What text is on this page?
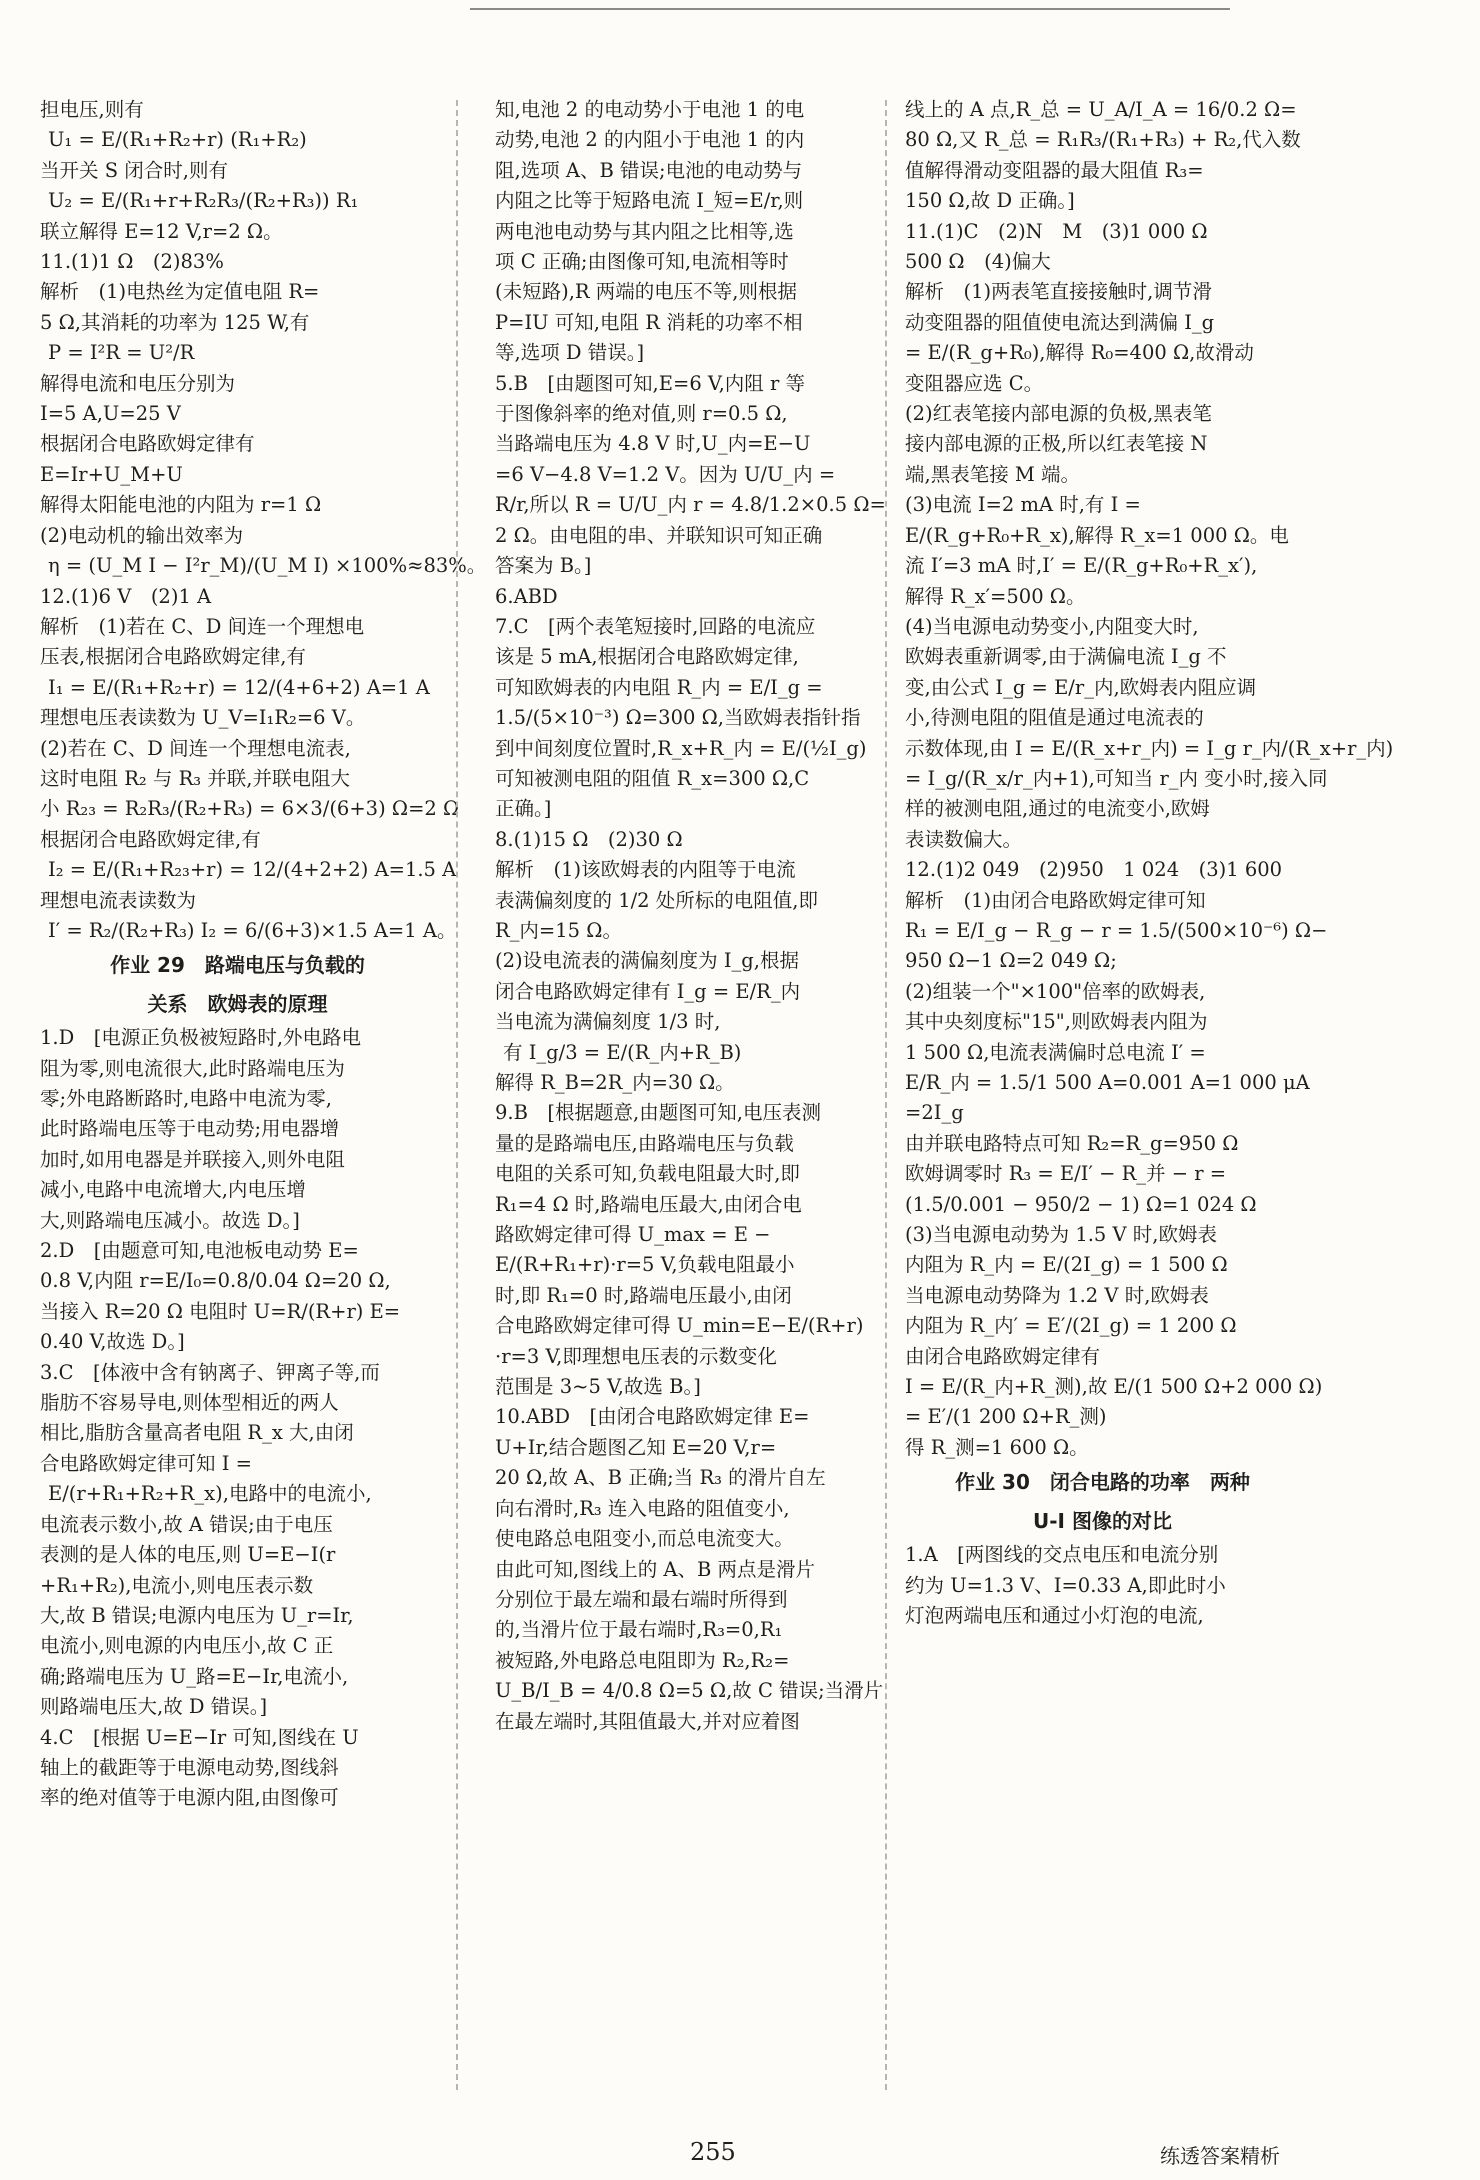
担电压,则有
U₁ = E/(R₁+R₂+r) (R₁+R₂)
当开关 S 闭合时,则有
U₂ = E/(R₁+r+R₂R₃/(R₂+R₃)) R₁
联立解得 E=12 V,r=2 Ω。
11.(1)1 Ω　(2)83%
解析　(1)电热丝为定值电阻 R=
5 Ω,其消耗的功率为 125 W,有
P = I²R = U²/R
解得电流和电压分别为
I=5 A,U=25 V
根据闭合电路欧姆定律有
E=Ir+U_M+U
解得太阳能电池的内阻为 r=1 Ω
(2)电动机的输出效率为
η = (U_M I − I²r_M)/(U_M I) ×100%≈83%。
12.(1)6 V　(2)1 A
解析　(1)若在 C、D 间连一个理想电
压表,根据闭合电路欧姆定律,有
I₁ = E/(R₁+R₂+r) = 12/(4+6+2) A=1 A
理想电压表读数为 U_V=I₁R₂=6 V。
(2)若在 C、D 间连一个理想电流表,
这时电阻 R₂ 与 R₃ 并联,并联电阻大
小 R₂₃ = R₂R₃/(R₂+R₃) = 6×3/(6+3) Ω=2 Ω
根据闭合电路欧姆定律,有
I₂ = E/(R₁+R₂₃+r) = 12/(4+2+2) A=1.5 A
理想电流表读数为
I′ = R₂/(R₂+R₃) I₂ = 6/(6+3)×1.5 A=1 A。
作业 29　路端电压与负载的
关系　欧姆表的原理
1.D　[电源正负极被短路时,外电路电
阻为零,则电流很大,此时路端电压为
零;外电路断路时,电路中电流为零,
此时路端电压等于电动势;用电器增
加时,如用电器是并联接入,则外电阻
减小,电路中电流增大,内电压增
大,则路端电压减小。故选 D。]
2.D　[由题意可知,电池板电动势 E=
0.8 V,内阻 r=E/I₀=0.8/0.04 Ω=20 Ω,
当接入 R=20 Ω 电阻时 U=R/(R+r) E=
0.40 V,故选 D。]
3.C　[体液中含有钠离子、钾离子等,而
脂肪不容易导电,则体型相近的两人
相比,脂肪含量高者电阻 R_x 大,由闭
合电路欧姆定律可知 I =
E/(r+R₁+R₂+R_x),电路中的电流小,
电流表示数小,故 A 错误;由于电压
表测的是人体的电压,则 U=E−I(r
+R₁+R₂),电流小,则电压表示数
大,故 B 错误;电源内电压为 U_r=Ir,
电流小,则电源的内电压小,故 C 正
确;路端电压为 U_路=E−Ir,电流小,
则路端电压大,故 D 错误。]
4.C　[根据 U=E−Ir 可知,图线在 U
轴上的截距等于电源电动势,图线斜
率的绝对值等于电源内阻,由图像可
知,电池 2 的电动势小于电池 1 的电
动势,电池 2 的内阻小于电池 1 的内
阻,选项 A、B 错误;电池的电动势与
内阻之比等于短路电流 I_短=E/r,则
两电池电动势与其内阻之比相等,选
项 C 正确;由图像可知,电流相等时
(未短路),R 两端的电压不等,则根据
P=IU 可知,电阻 R 消耗的功率不相
等,选项 D 错误。]
5.B　[由题图可知,E=6 V,内阻 r 等
于图像斜率的绝对值,则 r=0.5 Ω,
当路端电压为 4.8 V 时,U_内=E−U
=6 V−4.8 V=1.2 V。因为 U/U_内 =
R/r,所以 R = U/U_内 r = 4.8/1.2×0.5 Ω=
2 Ω。由电阻的串、并联知识可知正确
答案为 B。]
6.ABD
7.C　[两个表笔短接时,回路的电流应
该是 5 mA,根据闭合电路欧姆定律,
可知欧姆表的内电阻 R_内 = E/I_g =
1.5/(5×10⁻³) Ω=300 Ω,当欧姆表指针指
到中间刻度位置时,R_x+R_内 = E/(½I_g)
可知被测电阻的阻值 R_x=300 Ω,C
正确。]
8.(1)15 Ω　(2)30 Ω
解析　(1)该欧姆表的内阻等于电流
表满偏刻度的 1/2 处所标的电阻值,即
R_内=15 Ω。
(2)设电流表的满偏刻度为 I_g,根据
闭合电路欧姆定律有 I_g = E/R_内
当电流为满偏刻度 1/3 时,
有 I_g/3 = E/(R_内+R_B)
解得 R_B=2R_内=30 Ω。
9.B　[根据题意,由题图可知,电压表测
量的是路端电压,由路端电压与负载
电阻的关系可知,负载电阻最大时,即
R₁=4 Ω 时,路端电压最大,由闭合电
路欧姆定律可得 U_max = E −
E/(R+R₁+r)·r=5 V,负载电阻最小
时,即 R₁=0 时,路端电压最小,由闭
合电路欧姆定律可得 U_min=E−E/(R+r)
·r=3 V,即理想电压表的示数变化
范围是 3~5 V,故选 B。]
10.ABD　[由闭合电路欧姆定律 E=
U+Ir,结合题图乙知 E=20 V,r=
20 Ω,故 A、B 正确;当 R₃ 的滑片自左
向右滑时,R₃ 连入电路的阻值变小,
使电路总电阻变小,而总电流变大。
由此可知,图线上的 A、B 两点是滑片
分别位于最左端和最右端时所得到
的,当滑片位于最右端时,R₃=0,R₁
被短路,外电路总电阻即为 R₂,R₂=
U_B/I_B = 4/0.8 Ω=5 Ω,故 C 错误;当滑片
在最左端时,其阻值最大,并对应着图
线上的 A 点,R_总 = U_A/I_A = 16/0.2 Ω=
80 Ω,又 R_总 = R₁R₃/(R₁+R₃) + R₂,代入数
值解得滑动变阻器的最大阻值 R₃=
150 Ω,故 D 正确。]
11.(1)C　(2)N　M　(3)1 000 Ω
500 Ω　(4)偏大
解析　(1)两表笔直接接触时,调节滑
动变阻器的阻值使电流达到满偏 I_g
= E/(R_g+R₀),解得 R₀=400 Ω,故滑动
变阻器应选 C。
(2)红表笔接内部电源的负极,黑表笔
接内部电源的正极,所以红表笔接 N
端,黑表笔接 M 端。
(3)电流 I=2 mA 时,有 I =
E/(R_g+R₀+R_x),解得 R_x=1 000 Ω。电
流 I′=3 mA 时,I′ = E/(R_g+R₀+R_x′),
解得 R_x′=500 Ω。
(4)当电源电动势变小,内阻变大时,
欧姆表重新调零,由于满偏电流 I_g 不
变,由公式 I_g = E/r_内,欧姆表内阻应调
小,待测电阻的阻值是通过电流表的
示数体现,由 I = E/(R_x+r_内) = I_g r_内/(R_x+r_内)
= I_g/(R_x/r_内+1),可知当 r_内 变小时,接入同
样的被测电阻,通过的电流变小,欧姆
表读数偏大。
12.(1)2 049　(2)950　1 024　(3)1 600
解析　(1)由闭合电路欧姆定律可知
R₁ = E/I_g − R_g − r = 1.5/(500×10⁻⁶) Ω−
950 Ω−1 Ω=2 049 Ω;
(2)组装一个"×100"倍率的欧姆表,
其中央刻度标"15",则欧姆表内阻为
1 500 Ω,电流表满偏时总电流 I′ =
E/R_内 = 1.5/1 500 A=0.001 A=1 000 μA
=2I_g
由并联电路特点可知 R₂=R_g=950 Ω
欧姆调零时 R₃ = E/I′ − R_并 − r =
(1.5/0.001 − 950/2 − 1) Ω=1 024 Ω
(3)当电源电动势为 1.5 V 时,欧姆表
内阻为 R_内 = E/(2I_g) = 1 500 Ω
当电源电动势降为 1.2 V 时,欧姆表
内阻为 R_内′ = E′/(2I_g) = 1 200 Ω
由闭合电路欧姆定律有
I = E/(R_内+R_测),故 E/(1 500 Ω+2 000 Ω)
= E′/(1 200 Ω+R_测)
得 R_测=1 600 Ω。
作业 30　闭合电路的功率　两种
U-I 图像的对比
1.A　[两图线的交点电压和电流分别
约为 U=1.3 V、I=0.33 A,即此时小
灯泡两端电压和通过小灯泡的电流,

255	练透答案精析
